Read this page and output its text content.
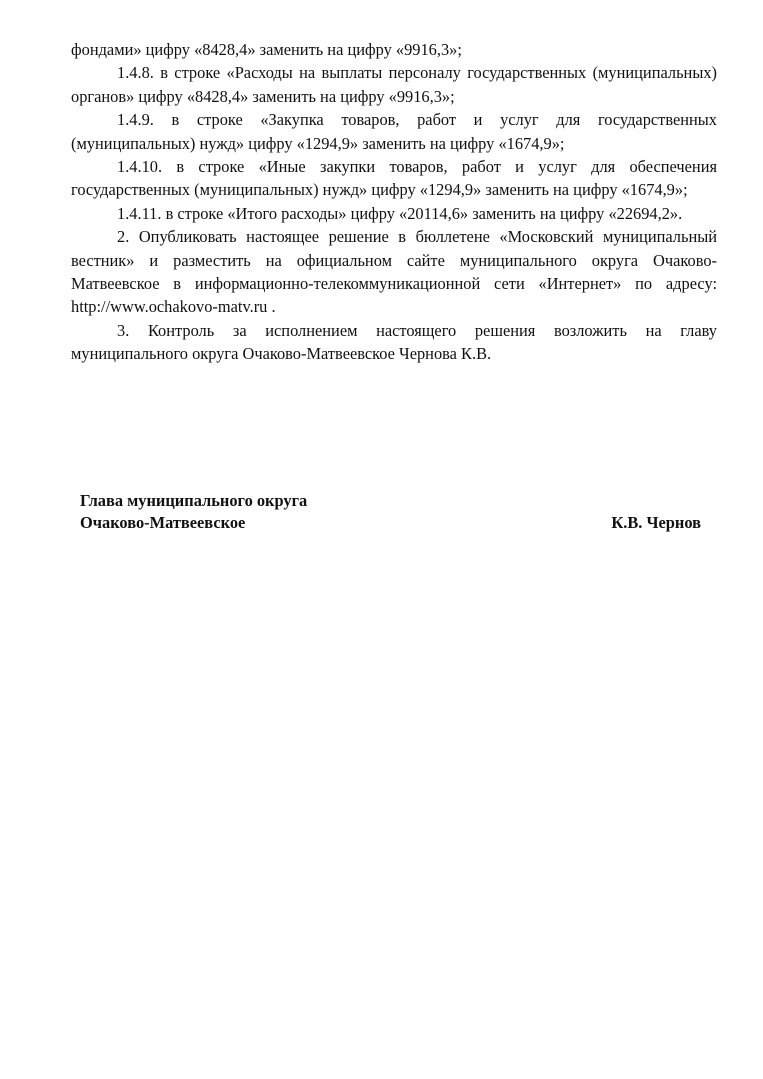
фондами» цифру «8428,4» заменить на цифру «9916,3»;

1.4.8. в строке «Расходы на выплаты персоналу государственных (муниципальных) органов» цифру «8428,4» заменить на цифру «9916,3»;

1.4.9. в строке «Закупка товаров, работ и услуг для государственных (муниципальных) нужд» цифру «1294,9» заменить на цифру «1674,9»;

1.4.10. в строке «Иные закупки товаров, работ и услуг для обеспечения государственных (муниципальных) нужд» цифру «1294,9» заменить на цифру «1674,9»;

1.4.11. в строке «Итого расходы» цифру «20114,6» заменить на цифру «22694,2».

2. Опубликовать настоящее решение в бюллетене «Московский муниципальный вестник» и разместить на официальном сайте муниципального округа Очаково-Матвеевское в информационно-телекоммуникационной сети «Интернет» по адресу: http://www.ochakovo-matv.ru .

3. Контроль за исполнением настоящего решения возложить на главу муниципального округа Очаково-Матвеевское Чернова К.В.

Глава муниципального округа
Очаково-Матвеевское	К.В. Чернов
